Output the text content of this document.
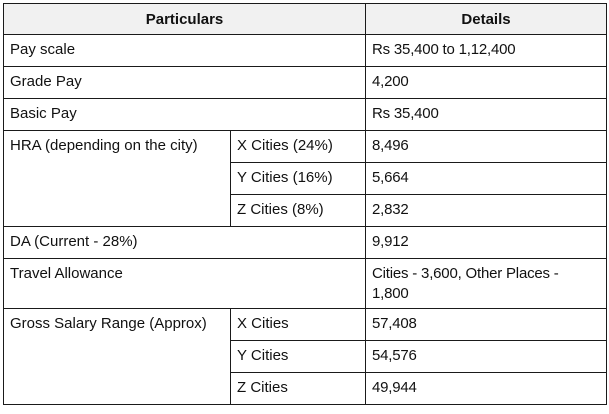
Particulars		Details
Pay scale		Rs 35,400 to 1,12,400
Grade Pay		4,200
Basic Pay		Rs 35,400
HRA (depending on the city)	X Cities (24%)	8,496
	Y Cities (16%)	5,664
	Z Cities (8%)	2,832
DA (Current - 28%)		9,912
Travel Allowance		Cities - 3,600, Other Places - 1,800
Gross Salary Range (Approx)	X Cities	57,408
	Y Cities	54,576
	Z Cities	49,944
